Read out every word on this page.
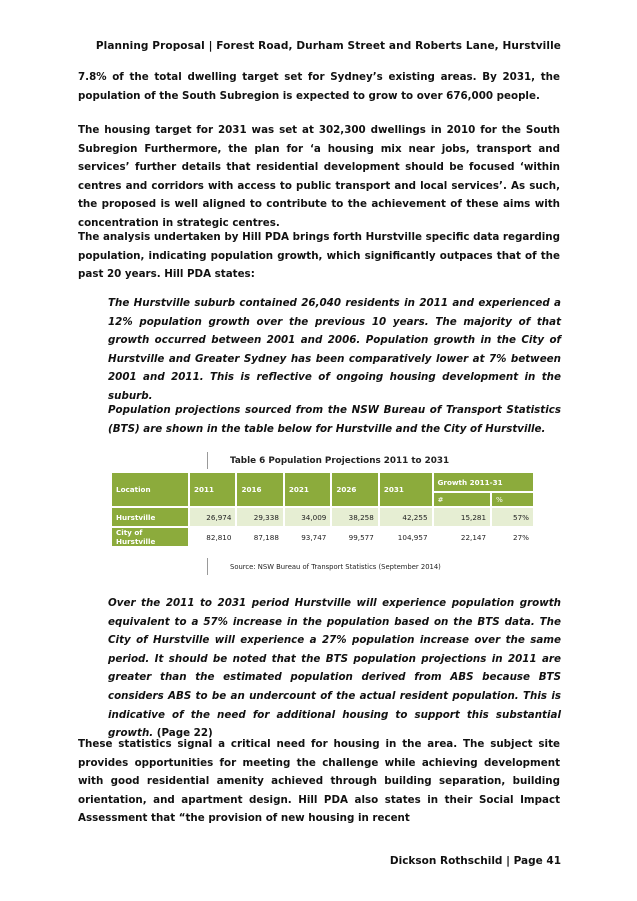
Planning Proposal | Forest Road, Durham Street and Roberts Lane, Hurstville

7.8% of the total dwelling target set for Sydney’s existing areas. By 2031, the population of the South Subregion is expected to grow to over 676,000 people.

The housing target for 2031 was set at 302,300 dwellings in 2010 for the South Subregion Furthermore, the plan for ‘a housing mix near jobs, transport and services’ further details that residential development should be focused ‘within centres and corridors with access to public transport and local services’. As such, the proposed is well aligned to contribute to the achievement of these aims with concentration in strategic centres.

The analysis undertaken by Hill PDA brings forth Hurstville specific data regarding population, indicating population growth, which significantly outpaces that of the past 20 years. Hill PDA states:

The Hurstville suburb contained 26,040 residents in 2011 and experienced a 12% population growth over the previous 10 years. The majority of that growth occurred between 2001 and 2006. Population growth in the City of Hurstville and Greater Sydney has been comparatively lower at 7% between 2001 and 2011. This is reflective of ongoing housing development in the suburb.

Population projections sourced from the NSW Bureau of Transport Statistics (BTS) are shown in the table below for Hurstville and the City of Hurstville.

Table 6 Population Projections 2011 to 2031
Location	2011	2016	2021	2026	2031	Growth 2011-31	
						#	%
Hurstville	26,974	29,338	34,009	38,258	42,255	15,281	57%
City of Hurstville	82,810	87,188	93,747	99,577	104,957	22,147	27%
Source: NSW Bureau of Transport Statistics (September 2014)

Over the 2011 to 2031 period Hurstville will experience population growth equivalent to a 57% increase in the population based on the BTS data. The City of Hurstville will experience a 27% population increase over the same period. It should be noted that the BTS population projections in 2011 are greater than the estimated population derived from ABS because BTS considers ABS to be an undercount of the actual resident population. This is indicative of the need for additional housing to support this substantial growth. (Page 22)

These statistics signal a critical need for housing in the area. The subject site provides opportunities for meeting the challenge while achieving development with good residential amenity achieved through building separation, building orientation, and apartment design. Hill PDA also states in their Social Impact Assessment that “the provision of new housing in recent

Dickson Rothschild | Page 41
